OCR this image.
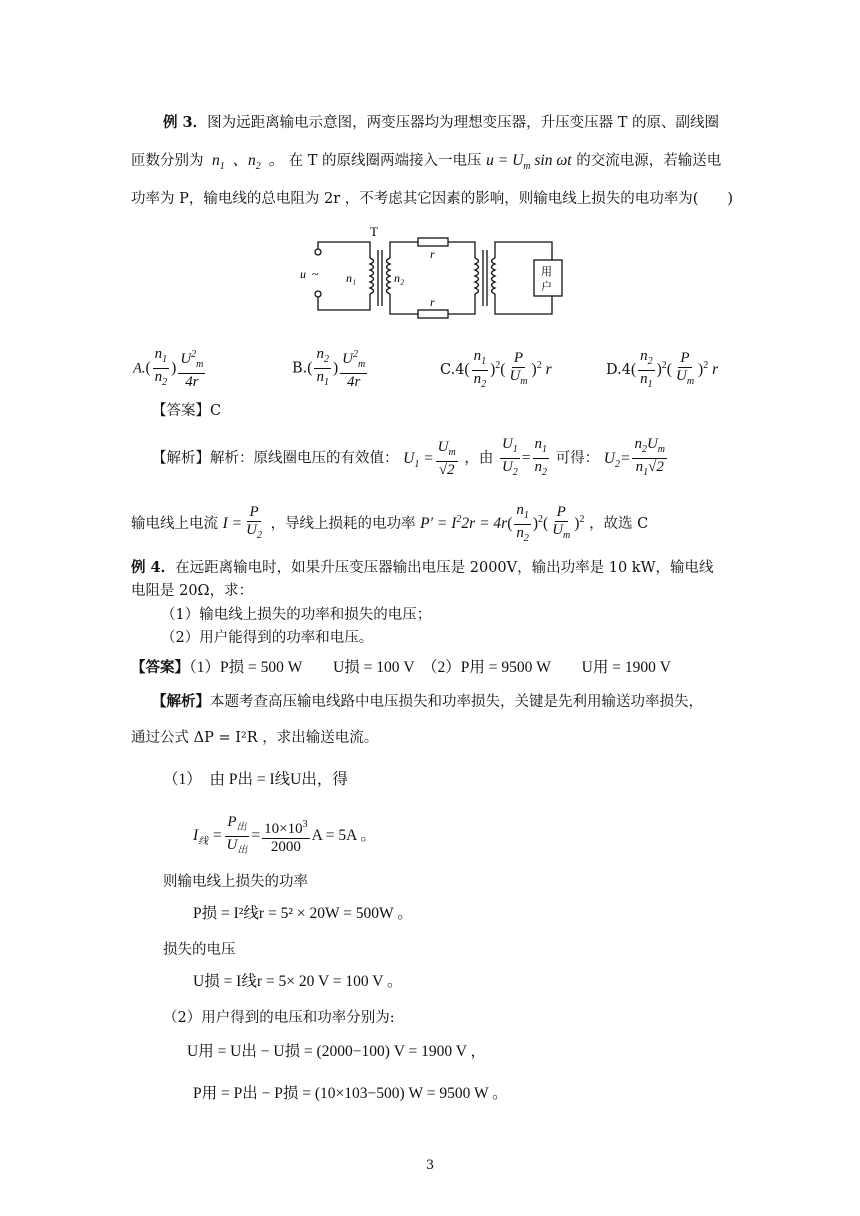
例 3．图为远距离输电示意图，两变压器均为理想变压器，升压变压器 T 的原、副线圈
匝数分别为  $n_1$  、$n_2$  。 在 T 的原线圈两端接入一电压 $u = U_m$ sin ωt 的交流电源，若输送电
功率为 P，输电线的总电阻为 2r ，不考虑其它因素的影响，则输电线上损失的电功率为(　　)
T
u ~ n₁	n₂
r
r
用
户
$A.( \frac{n_1}{n_2}$ ) $\frac{U^2_m}{4r}$	$B.( \frac{n_2}{n_1}$ ) $\frac{U^2_m}{4r}$	$C.4( \frac{n_1}{n_2} )^2( \frac{P}{U_m} )^2$ r	$D.4( \frac{n_2}{n_1} )^2( \frac{P}{U_m} )^2$ r
【答案】C
【解析】解析：原线圈电压的有效值： $U_1 = \frac{U_m}{√2}$ ，由 $\frac{U_1}{U_2} = \frac{n_1}{n_2}$ 可得： $U_2= \frac{n_2U_m}{n_1√2}$
输电线上电流 $I = \frac{P}{U_2}$ ，导线上损耗的电功率 $P' = I^22r = 4r( \frac{n_1}{n_2} )^2( \frac{P}{U_m} )^2$ ，故选 C
例 4．在远距离输电时，如果升压变压器输出电压是 2000V，输出功率是 10 kW，输电线
电阻是 20Ω，求：
（1）输电线上损失的功率和损失的电压；
（2）用户能得到的功率和电压。
【答案】（1）P损 = 500 W　　U损 = 100 V　（2）P用 = 9500 W　　U用 = 1900 V
【解析】本题考查高压输电线路中电压损失和功率损失，关键是先利用输送功率损失，
通过公式 ΔP = I²R ，求出输送电流。
（1）　由 P出 = I线U出，得
$I_线 = \frac{P_出}{U_出} = \frac{10\times 10^3}{2000}$ A = 5A 。
则输电线上损失的功率
P损 = I²线r = 5² × 20W = 500W 。
损失的电压
U损 = I线r = 5× 20 V = 100 V 。
（2）用户得到的电压和功率分别为:
U用 = U出 − U损 = (2000−100) V = 1900 V ，
P用 = P出 − P损 = (10×103−500) W = 9500 W 。
3
